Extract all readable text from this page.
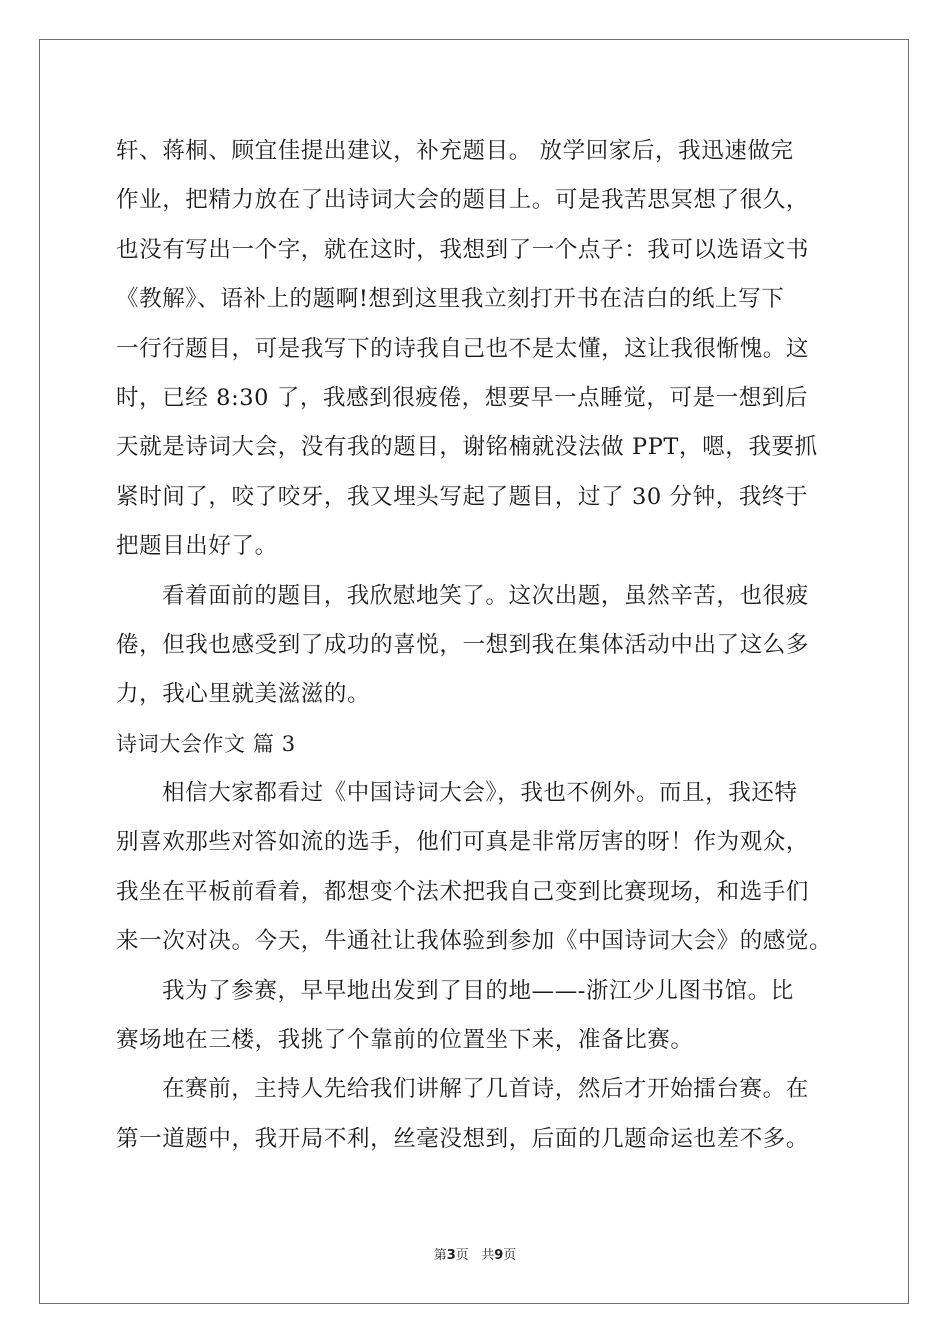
轩、蒋桐、顾宜佳提出建议，补充题目。 放学回家后，我迅速做完
作业，把精力放在了出诗词大会的题目上。可是我苦思冥想了很久，
也没有写出一个字，就在这时，我想到了一个点子：我可以选语文书
《教解》、语补上的题啊!想到这里我立刻打开书在洁白的纸上写下
一行行题目，可是我写下的诗我自己也不是太懂，这让我很惭愧。这
时，已经 8:30 了，我感到很疲倦，想要早一点睡觉，可是一想到后
天就是诗词大会，没有我的题目，谢铭楠就没法做 PPT，嗯，我要抓
紧时间了，咬了咬牙，我又埋头写起了题目，过了 30 分钟，我终于
把题目出好了。
看着面前的题目，我欣慰地笑了。这次出题，虽然辛苦，也很疲
倦，但我也感受到了成功的喜悦，一想到我在集体活动中出了这么多
力，我心里就美滋滋的。
诗词大会作文 篇 3
相信大家都看过《中国诗词大会》，我也不例外。而且，我还特
别喜欢那些对答如流的选手，他们可真是非常厉害的呀！作为观众，
我坐在平板前看着，都想变个法术把我自己变到比赛现场，和选手们
来一次对决。今天，牛通社让我体验到参加《中国诗词大会》的感觉。
我为了参赛，早早地出发到了目的地——-浙江少儿图书馆。比
赛场地在三楼，我挑了个靠前的位置坐下来，准备比赛。
在赛前，主持人先给我们讲解了几首诗，然后才开始擂台赛。在
第一道题中，我开局不利，丝毫没想到，后面的几题命运也差不多。
第3页   共9页
